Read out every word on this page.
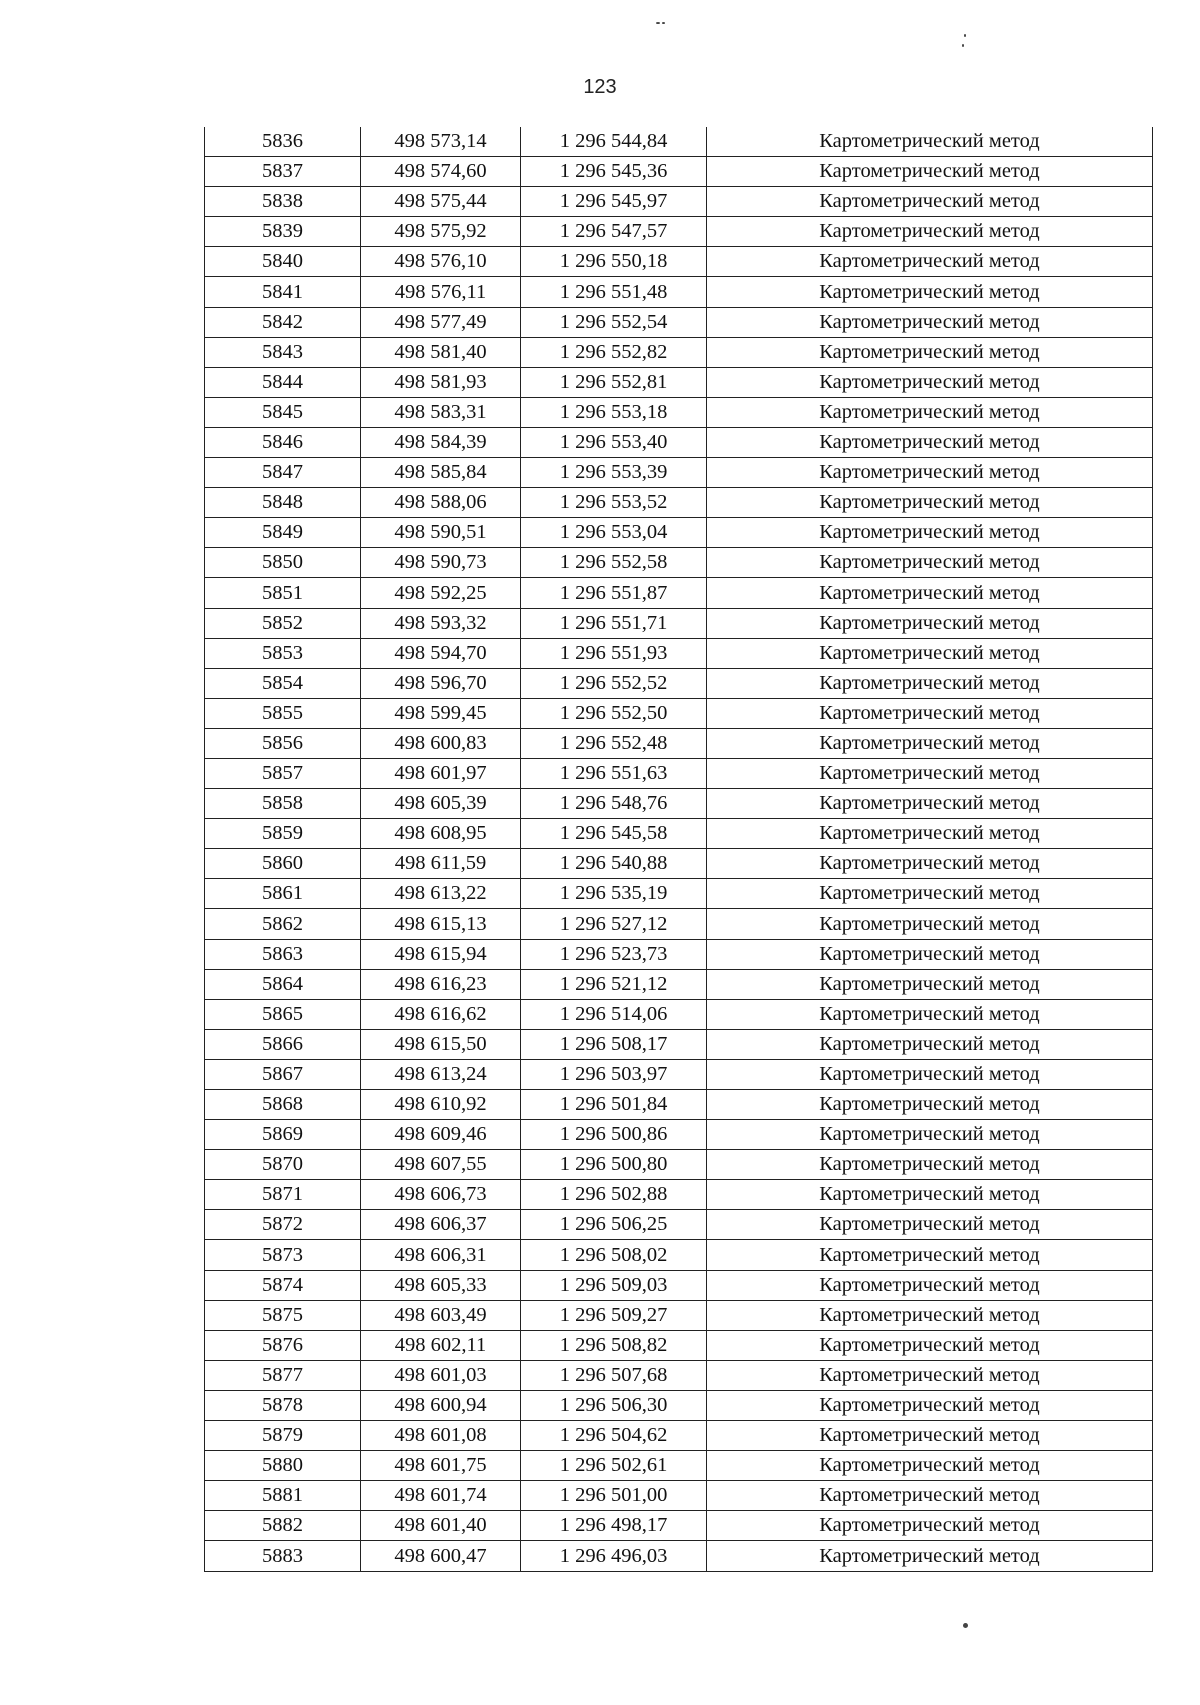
123
5836	498 573,14	1 296 544,84	Картометрический метод
5837	498 574,60	1 296 545,36	Картометрический метод
5838	498 575,44	1 296 545,97	Картометрический метод
5839	498 575,92	1 296 547,57	Картометрический метод
5840	498 576,10	1 296 550,18	Картометрический метод
5841	498 576,11	1 296 551,48	Картометрический метод
5842	498 577,49	1 296 552,54	Картометрический метод
5843	498 581,40	1 296 552,82	Картометрический метод
5844	498 581,93	1 296 552,81	Картометрический метод
5845	498 583,31	1 296 553,18	Картометрический метод
5846	498 584,39	1 296 553,40	Картометрический метод
5847	498 585,84	1 296 553,39	Картометрический метод
5848	498 588,06	1 296 553,52	Картометрический метод
5849	498 590,51	1 296 553,04	Картометрический метод
5850	498 590,73	1 296 552,58	Картометрический метод
5851	498 592,25	1 296 551,87	Картометрический метод
5852	498 593,32	1 296 551,71	Картометрический метод
5853	498 594,70	1 296 551,93	Картометрический метод
5854	498 596,70	1 296 552,52	Картометрический метод
5855	498 599,45	1 296 552,50	Картометрический метод
5856	498 600,83	1 296 552,48	Картометрический метод
5857	498 601,97	1 296 551,63	Картометрический метод
5858	498 605,39	1 296 548,76	Картометрический метод
5859	498 608,95	1 296 545,58	Картометрический метод
5860	498 611,59	1 296 540,88	Картометрический метод
5861	498 613,22	1 296 535,19	Картометрический метод
5862	498 615,13	1 296 527,12	Картометрический метод
5863	498 615,94	1 296 523,73	Картометрический метод
5864	498 616,23	1 296 521,12	Картометрический метод
5865	498 616,62	1 296 514,06	Картометрический метод
5866	498 615,50	1 296 508,17	Картометрический метод
5867	498 613,24	1 296 503,97	Картометрический метод
5868	498 610,92	1 296 501,84	Картометрический метод
5869	498 609,46	1 296 500,86	Картометрический метод
5870	498 607,55	1 296 500,80	Картометрический метод
5871	498 606,73	1 296 502,88	Картометрический метод
5872	498 606,37	1 296 506,25	Картометрический метод
5873	498 606,31	1 296 508,02	Картометрический метод
5874	498 605,33	1 296 509,03	Картометрический метод
5875	498 603,49	1 296 509,27	Картометрический метод
5876	498 602,11	1 296 508,82	Картометрический метод
5877	498 601,03	1 296 507,68	Картометрический метод
5878	498 600,94	1 296 506,30	Картометрический метод
5879	498 601,08	1 296 504,62	Картометрический метод
5880	498 601,75	1 296 502,61	Картометрический метод
5881	498 601,74	1 296 501,00	Картометрический метод
5882	498 601,40	1 296 498,17	Картометрический метод
5883	498 600,47	1 296 496,03	Картометрический метод
